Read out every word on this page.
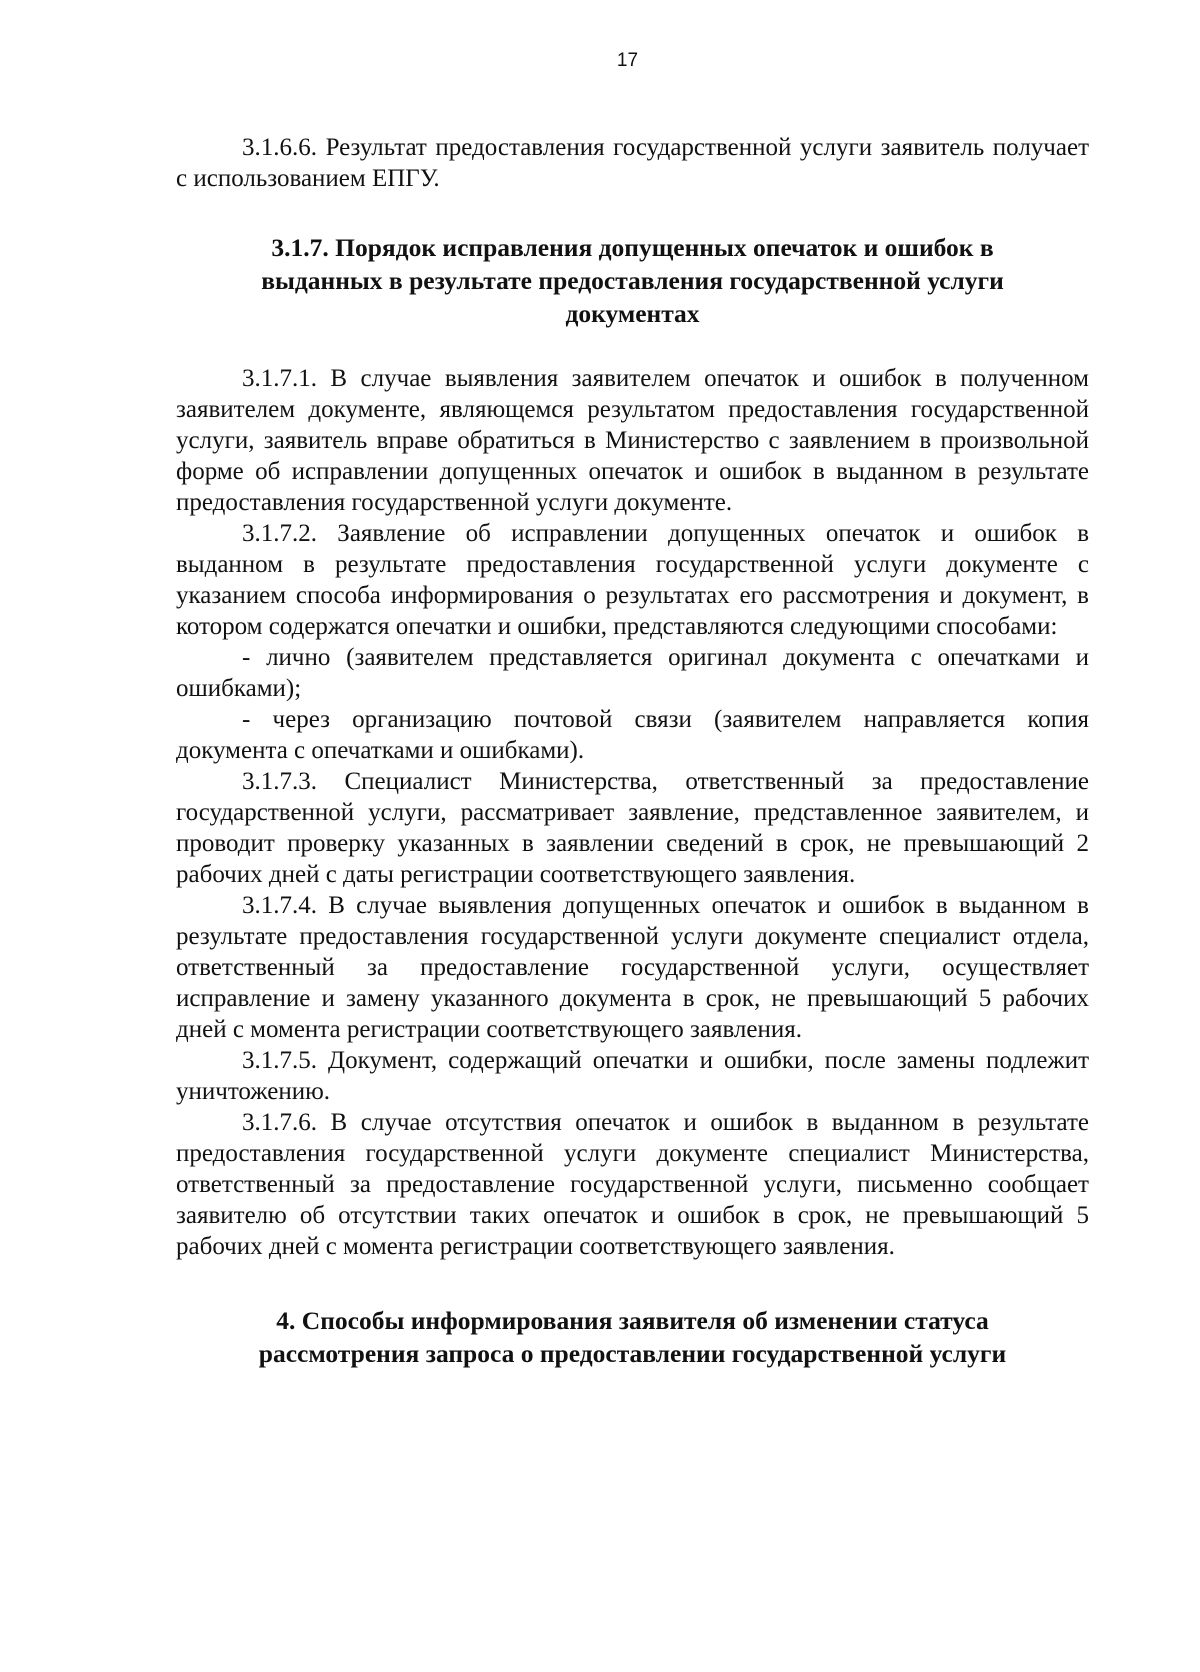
17

3.1.6.6. Результат предоставления государственной услуги заявитель получает с использованием ЕПГУ.

3.1.7. Порядок исправления допущенных опечаток и ошибок в выданных в результате предоставления государственной услуги документах

3.1.7.1. В случае выявления заявителем опечаток и ошибок в полученном заявителем документе, являющемся результатом предоставления государственной услуги, заявитель вправе обратиться в Министерство с заявлением в произвольной форме об исправлении допущенных опечаток и ошибок в выданном в результате предоставления государственной услуги документе.

3.1.7.2. Заявление об исправлении допущенных опечаток и ошибок в выданном в результате предоставления государственной услуги документе с указанием способа информирования о результатах его рассмотрения и документ, в котором содержатся опечатки и ошибки, представляются следующими способами:

- лично (заявителем представляется оригинал документа с опечатками и ошибками);

- через организацию почтовой связи (заявителем направляется копия документа с опечатками и ошибками).

3.1.7.3. Специалист Министерства, ответственный за предоставление государственной услуги, рассматривает заявление, представленное заявителем, и проводит проверку указанных в заявлении сведений в срок, не превышающий 2 рабочих дней с даты регистрации соответствующего заявления.

3.1.7.4. В случае выявления допущенных опечаток и ошибок в выданном в результате предоставления государственной услуги документе специалист отдела, ответственный за предоставление государственной услуги, осуществляет исправление и замену указанного документа в срок, не превышающий 5 рабочих дней с момента регистрации соответствующего заявления.

3.1.7.5. Документ, содержащий опечатки и ошибки, после замены подлежит уничтожению.

3.1.7.6. В случае отсутствия опечаток и ошибок в выданном в результате предоставления государственной услуги документе специалист Министерства, ответственный за предоставление государственной услуги, письменно сообщает заявителю об отсутствии таких опечаток и ошибок в срок, не превышающий 5 рабочих дней с момента регистрации соответствующего заявления.

4. Способы информирования заявителя об изменении статуса рассмотрения запроса о предоставлении государственной услуги
